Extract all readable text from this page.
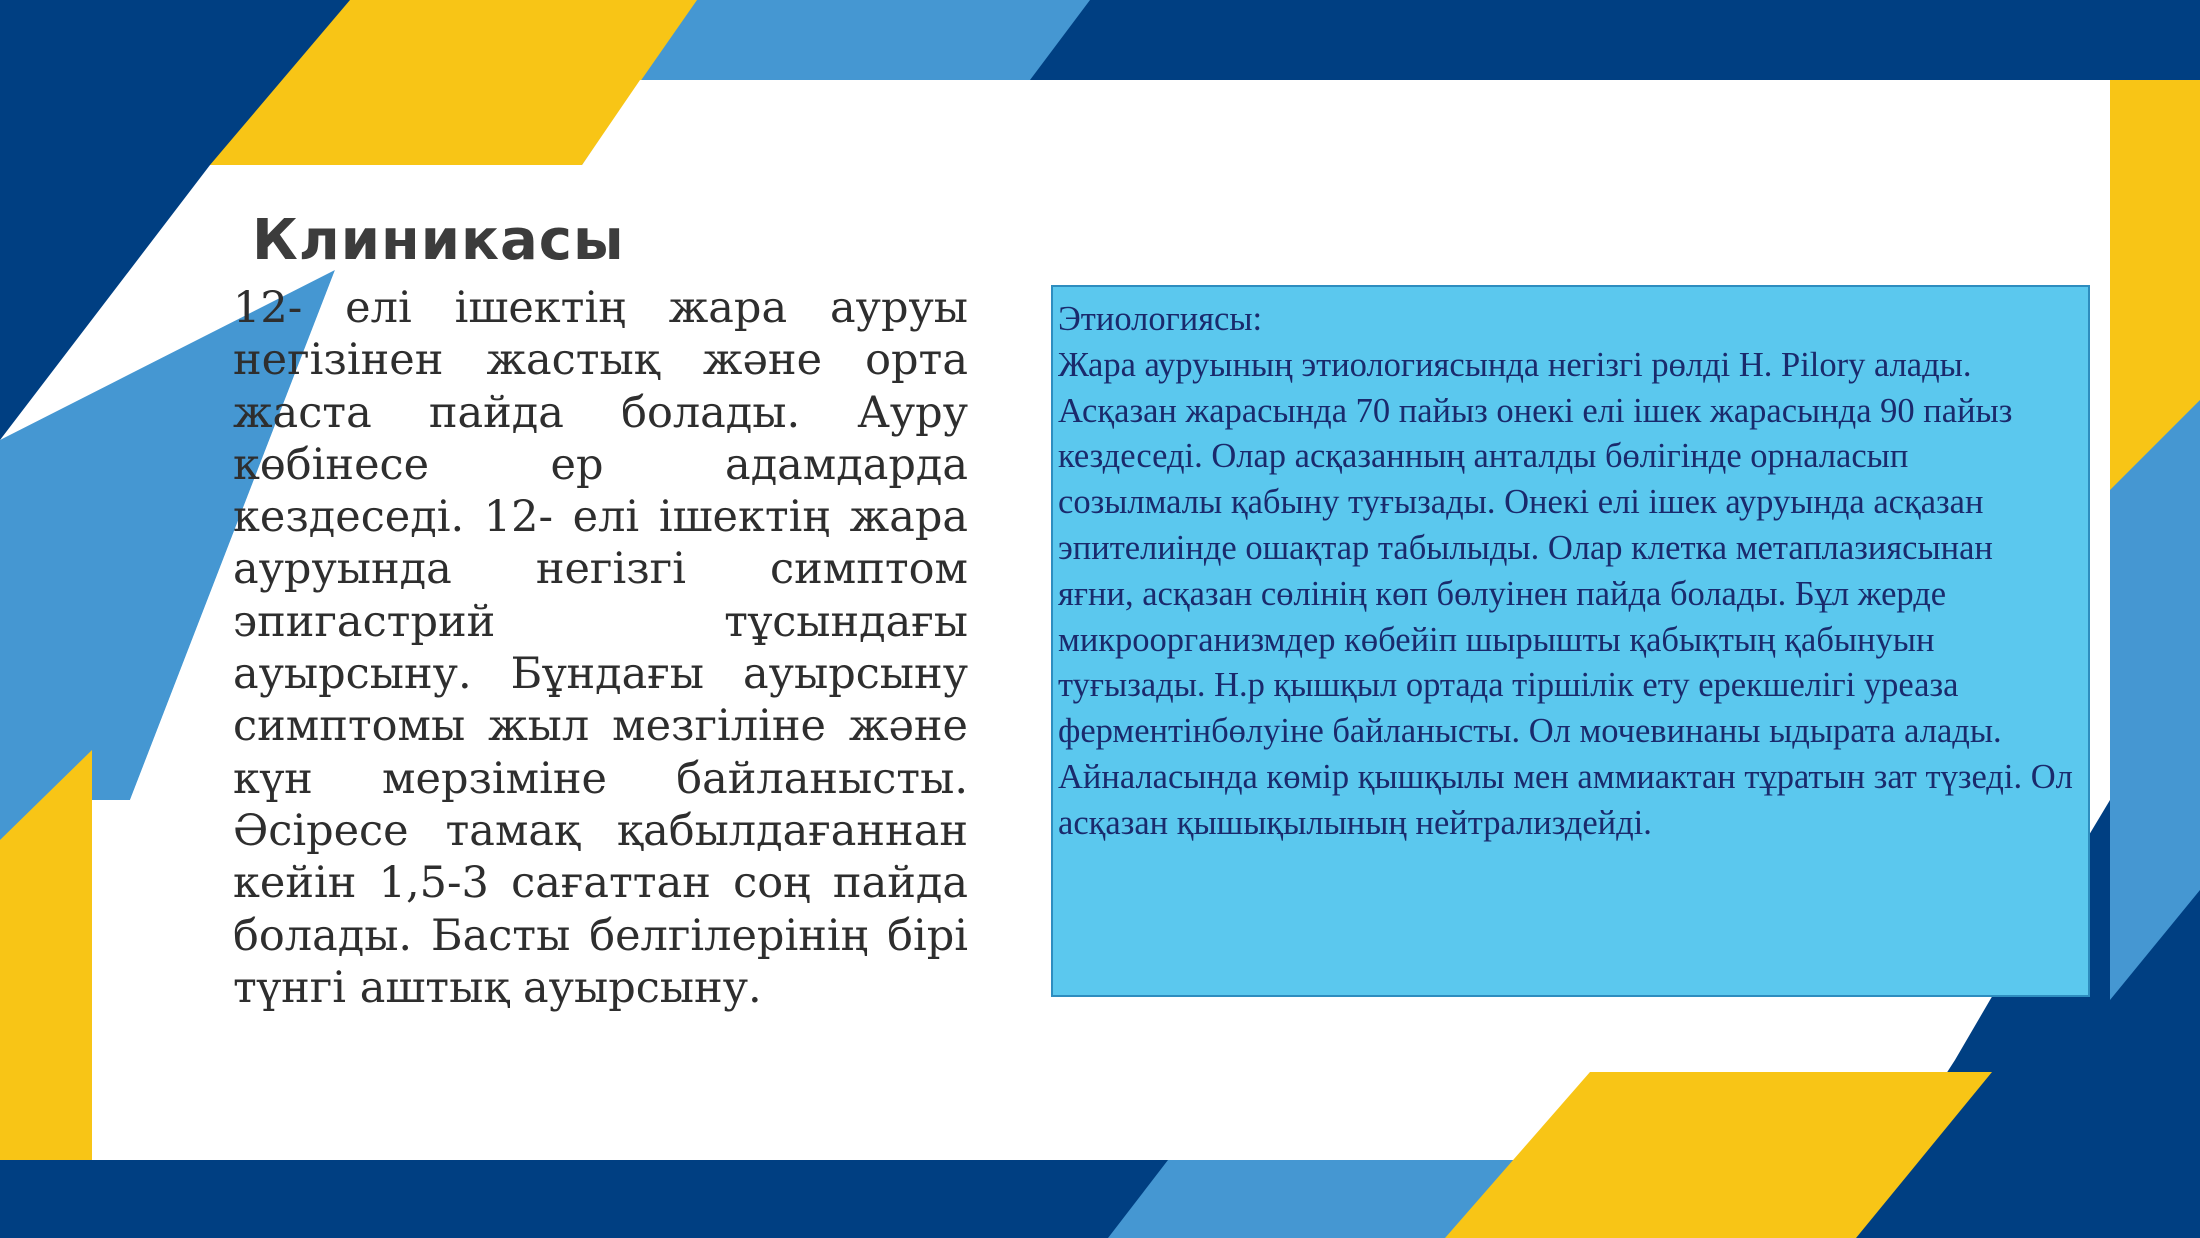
Клиникасы

12- елі ішектің жара ауруы негізінен жастық және орта жаста пайда болады. Ауру көбінесе ер адамдарда кездеседі. 12- елі ішектің жара ауруында негізгі симптом эпигастрий тұсындағы ауырсыну. Бұндағы ауырсыну симптомы жыл мезгіліне және күн мерзіміне байланысты. Әсіресе тамақ қабылдағаннан кейін 1,5-3 сағаттан соң пайда болады. Басты белгілерінің бірі түнгі аштық ауырсыну.

Этиологиясы:

Жара ауруының этиологиясында негізгі рөлді H. Pilory алады. Асқазан жарасында 70 пайыз онекі елі ішек жарасында 90 пайыз кездеседі. Олар асқазанның анталды бөлігінде орналасып созылмалы қабыну туғызады. Онекі елі ішек ауруында асқазан эпителиінде ошақтар табылыды. Олар клетка метаплазиясынан яғни, асқазан сөлінің көп бөлуінен пайда болады. Бұл жерде микроорганизмдер көбейіп шырышты қабықтың қабынуын туғызады. Н.р қышқыл ортада тіршілік ету ерекшелігі уреаза ферментінбөлуіне байланысты. Ол мочевинаны ыдырата алады. Айналасында көмір қышқылы мен аммиактан тұратын зат түзеді. Ол асқазан қышықылының нейтрализдейді.
